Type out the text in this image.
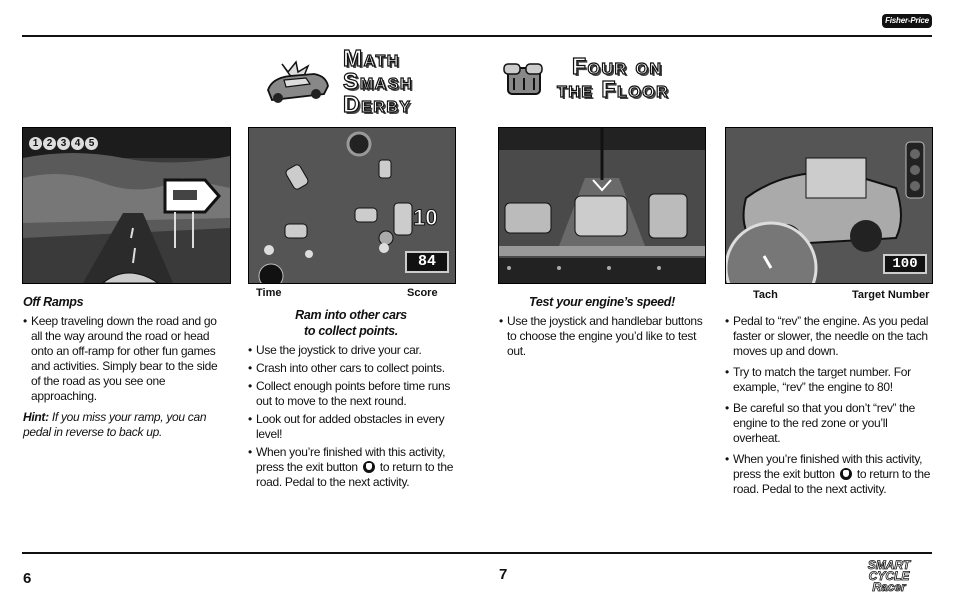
Fisher-Price
Math
Smash
Derby
Four on
the Floor
1 2 3 4 5
10
84	100
Time	Score	Tach	Target Number
Off Ramps
• Keep traveling down the road and go all the way around the road or head onto an off-ramp for other fun games and activities. Simply bear to the side of the road as you see one approaching.
Hint: If you miss your ramp, you can pedal in reverse to back up.
Ram into other cars
to collect points.
• Use the joystick to drive your car.
• Crash into other cars to collect points.
• Collect enough points before time runs out to move to the next round.
• Look out for added obstacles in every level!
• When you’re finished with this activity, press the exit button  to return to the road. Pedal to the next activity.
Test your engine’s speed!
• Use the joystick and handlebar buttons to choose the engine you’d like to test out.
• Pedal to “rev” the engine. As you pedal faster or slower, the needle on the tach moves up and down.
• Try to match the target number. For example, “rev” the engine to 80!
• Be careful so that you don’t “rev” the engine to the red zone or you’ll overheat.
• When you’re finished with this activity, press the exit button  to return to the road. Pedal to the next activity.
6	7
SMART CYCLE
Racer
